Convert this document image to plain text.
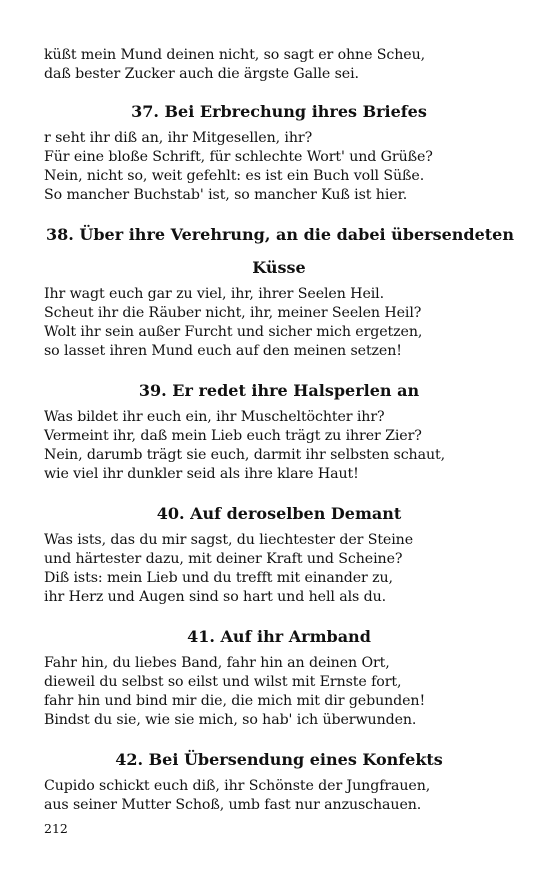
küßt mein Mund deinen nicht, so sagt er ohne Scheu,
daß bester Zucker auch die ärgste Galle sei.
37. Bei Erbrechung ihres Briefes
r seht ihr diß an, ihr Mitgesellen, ihr?
Für eine bloße Schrift, für schlechte Wort' und Grüße?
Nein, nicht so, weit gefehlt: es ist ein Buch voll Süße.
So mancher Buchstab' ist, so mancher Kuß ist hier.
38. Über ihre Verehrung, an die dabei übersendeten
Küsse
Ihr wagt euch gar zu viel, ihr, ihrer Seelen Heil.
Scheut ihr die Räuber nicht, ihr, meiner Seelen Heil?
Wolt ihr sein außer Furcht und sicher mich ergetzen,
so lasset ihren Mund euch auf den meinen setzen!
39. Er redet ihre Halsperlen an
Was bildet ihr euch ein, ihr Muscheltöchter ihr?
Vermeint ihr, daß mein Lieb euch trägt zu ihrer Zier?
Nein, darumb trägt sie euch, darmit ihr selbsten schaut,
wie viel ihr dunkler seid als ihre klare Haut!
40. Auf deroselben Demant
Was ists, das du mir sagst, du liechtester der Steine
und härtester dazu, mit deiner Kraft und Scheine?
Diß ists: mein Lieb und du trefft mit einander zu,
ihr Herz und Augen sind so hart und hell als du.
41. Auf ihr Armband
Fahr hin, du liebes Band, fahr hin an deinen Ort,
dieweil du selbst so eilst und wilst mit Ernste fort,
fahr hin und bind mir die, die mich mit dir gebunden!
Bindst du sie, wie sie mich, so hab' ich überwunden.
42. Bei Übersendung eines Konfekts
Cupido schickt euch diß, ihr Schönste der Jungfrauen,
aus seiner Mutter Schoß, umb fast nur anzuschauen.
212
